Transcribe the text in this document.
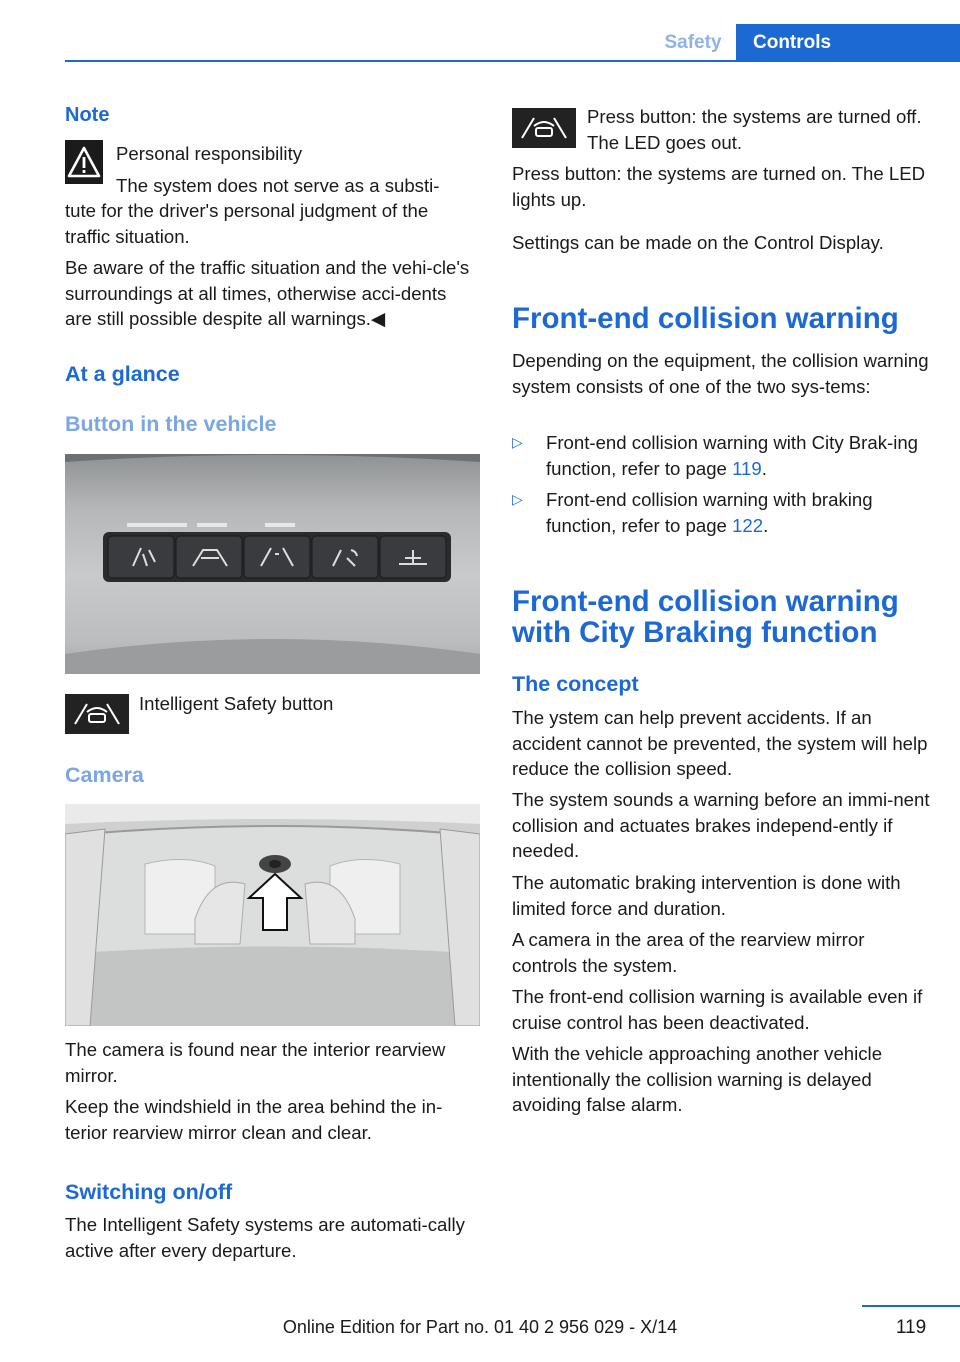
Safety	Controls
Note
Personal responsibility
The system does not serve as a substi‐
tute for the driver's personal judgment of the traffic situation.
Be aware of the traffic situation and the vehi‐cle's surroundings at all times, otherwise acci‐dents are still possible despite all warnings.◀
At a glance
Button in the vehicle
Intelligent Safety button
Camera
The camera is found near the interior rearview mirror.
Keep the windshield in the area behind the in‐terior rearview mirror clean and clear.
Switching on/off
The Intelligent Safety systems are automati‐cally active after every departure.
Press button: the systems are turned off. The LED goes out.
Press button: the systems are turned on. The LED lights up.
Settings can be made on the Control Display.
Front-end collision warning
Depending on the equipment, the collision warning system consists of one of the two sys‐tems:
▷ Front-end collision warning with City Brak‐ing function, refer to page 119.
▷ Front-end collision warning with braking function, refer to page 122.
Front-end collision warning
with City Braking function
The concept
The ystem can help prevent accidents. If an accident cannot be prevented, the system will help reduce the collision speed.
The system sounds a warning before an immi‐nent collision and actuates brakes independ‐ently if needed.
The automatic braking intervention is done with limited force and duration.
A camera in the area of the rearview mirror controls the system.
The front-end collision warning is available even if cruise control has been deactivated.
With the vehicle approaching another vehicle intentionally the collision warning is delayed avoiding false alarm.
119
Online Edition for Part no. 01 40 2 956 029 - X/14
